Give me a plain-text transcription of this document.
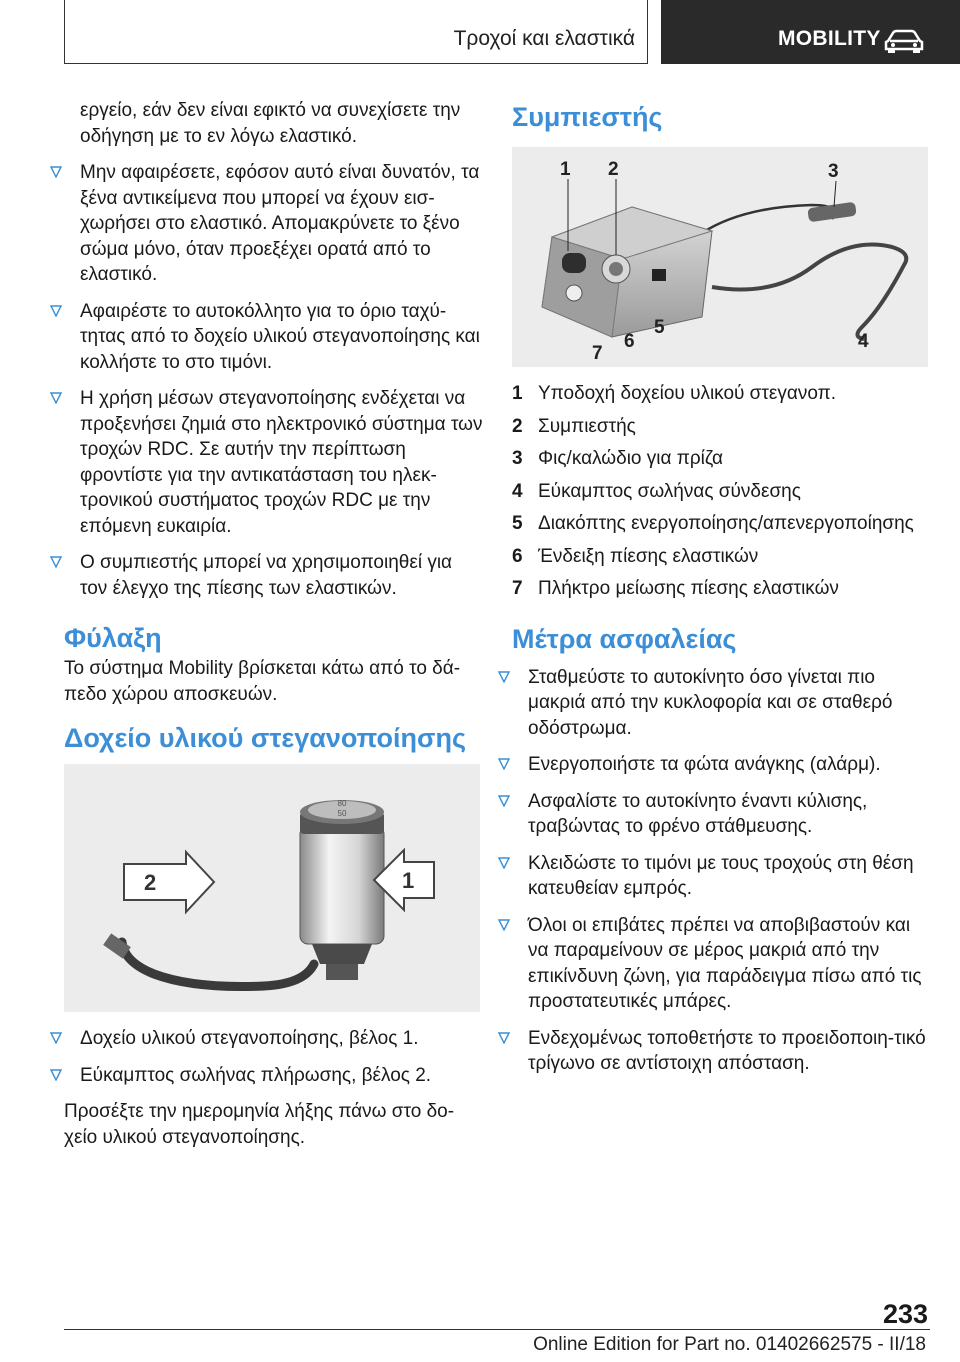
Τροχοί και ελαστικά	MOBILITY

εργείο, εάν δεν είναι εφικτό να συνεχίσετε την οδήγηση με το εν λόγω ελαστικό.

Μην αφαιρέσετε, εφόσον αυτό είναι δυνατόν, τα ξένα αντικείμενα που μπορεί να έχουν εισ‐χωρήσει στο ελαστικό. Απομακρύνετε το ξένο σώμα μόνο, όταν προεξέχει ορατά από το ελαστικό.
Αφαιρέστε το αυτοκόλλητο για το όριο ταχύ‐τητας από το δοχείο υλικού στεγανοποίησης και κολλήστε το στο τιμόνι.
Η χρήση μέσων στεγανοποίησης ενδέχεται να προξενήσει ζημιά στο ηλεκτρονικό σύστημα των τροχών RDC. Σε αυτήν την περίπτωση φροντίστε για την αντικατάσταση του ηλεκ‐τρονικού συστήματος τροχών RDC με την επόμενη ευκαιρία.
Ο συμπιεστής μπορεί να χρησιμοποιηθεί για τον έλεγχο της πίεσης των ελαστικών.
Φύλαξη

Το σύστημα Mobility βρίσκεται κάτω από το δά‐πεδο χώρου αποσκευών.

Δοχείο υλικού στεγανοποίησης
80
50
2	1
Δοχείο υλικού στεγανοποίησης, βέλος 1.
Εύκαμπτος σωλήνας πλήρωσης, βέλος 2.

Προσέξτε την ημερομηνία λήξης πάνω στο δο‐χείο υλικού στεγανοποίησης.

Συμπιεστής
1 2	3
4
5
6
7
1 Υποδοχή δοχείου υλικού στεγανοπ.
2 Συμπιεστής
3 Φις/καλώδιο για πρίζα
4 Εύκαμπτος σωλήνας σύνδεσης
5 Διακόπτης ενεργοποίησης/απενεργοποίησης
6 Ένδειξη πίεσης ελαστικών
7 Πλήκτρο μείωσης πίεσης ελαστικών
Μέτρα ασφαλείας
Σταθμεύστε το αυτοκίνητο όσο γίνεται πιο μακριά από την κυκλοφορία και σε σταθερό οδόστρωμα.
Ενεργοποιήστε τα φώτα ανάγκης (αλάρμ).
Ασφαλίστε το αυτοκίνητο έναντι κύλισης, τραβώντας το φρένο στάθμευσης.
Κλειδώστε το τιμόνι με τους τροχούς στη θέση κατευθείαν εμπρός.
Όλοι οι επιβάτες πρέπει να αποβιβαστούν και να παραμείνουν σε μέρος μακριά από την επικίνδυνη ζώνη, για παράδειγμα πίσω από τις προστατευτικές μπάρες.
Ενδεχομένως τοποθετήστε το προειδοποιη‐τικό τρίγωνο σε αντίστοιχη απόσταση.
233
Online Edition for Part no. 01402662575 - II/18
